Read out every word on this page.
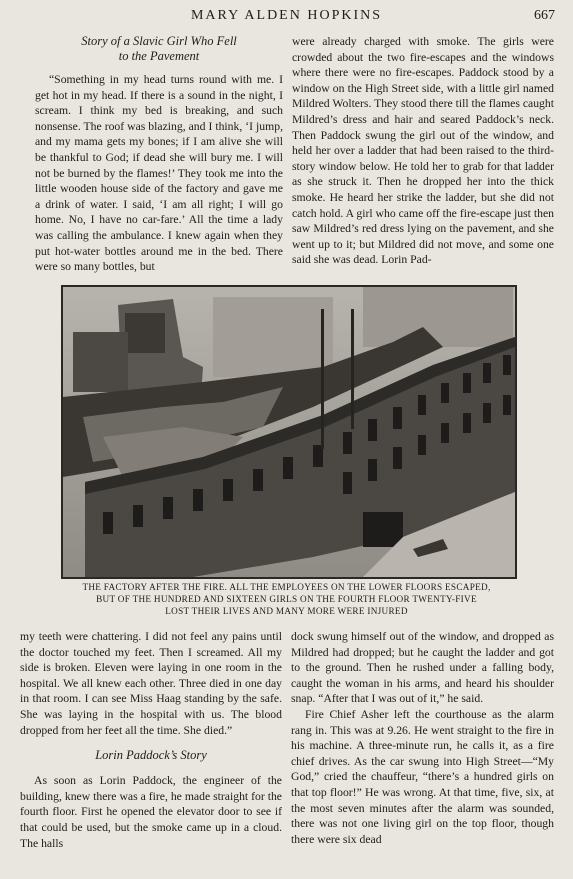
MARY ALDEN HOPKINS	667
Story of a Slavic Girl Who Fell
to the Pavement

“Something in my head turns round with me. I get hot in my head. If there is a sound in the night, I scream. I think my bed is breaking, and such nonsense. The roof was blazing, and I think, ‘I jump, and my mama gets my bones; if I am alive she will be thankful to God; if dead she will bury me. I will not be burned by the flames!’ They took me into the little wooden house side of the factory and gave me a drink of water. I said, ‘I am all right; I will go home. No, I have no car-fare.’ All the time a lady was calling the ambulance. I knew again when they put hot-water bottles around me in the bed. There were so many bottles, but

were already charged with smoke. The girls were crowded about the two fire-escapes and the windows where there were no fire-escapes. Paddock stood by a window on the High Street side, with a little girl named Mildred Wolters. They stood there till the flames caught Mildred’s dress and hair and seared Paddock’s neck. Then Paddock swung the girl out of the window, and held her over a ladder that had been raised to the third-story window below. He told her to grab for that ladder as she struck it. Then he dropped her into the thick smoke. He heard her strike the ladder, but she did not catch hold. A girl who came off the fire-escape just then saw Mildred’s red dress lying on the pavement, and she went up to it; but Mildred did not move, and some one said she was dead. Lorin Pad-

THE FACTORY AFTER THE FIRE. ALL THE EMPLOYEES ON THE LOWER FLOORS ESCAPED,
BUT OF THE HUNDRED AND SIXTEEN GIRLS ON THE FOURTH FLOOR TWENTY-FIVE
LOST THEIR LIVES AND MANY MORE WERE INJURED

my teeth were chattering. I did not feel any pains until the doctor touched my feet. Then I screamed. All my side is broken. Eleven were laying in one room in the hospital. We all knew each other. Three died in one day in that room. I can see Miss Haag standing by the safe. She was laying in the hospital with us. The blood dropped from her feet all the time. She died.”

Lorin Paddock’s Story

As soon as Lorin Paddock, the engineer of the building, knew there was a fire, he made straight for the fourth floor. First he opened the elevator door to see if that could be used, but the smoke came up in a cloud. The halls

dock swung himself out of the window, and dropped as Mildred had dropped; but he caught the ladder and got to the ground. Then he rushed under a falling body, caught the woman in his arms, and heard his shoulder snap. “After that I was out of it,” he said.

Fire Chief Asher left the courthouse as the alarm rang in. This was at 9.26. He went straight to the fire in his machine. A three-minute run, he calls it, as a fire chief drives. As the car swung into High Street—“My God,” cried the chauffeur, “there’s a hundred girls on that top floor!” He was wrong. At that time, five, six, at the most seven minutes after the alarm was sounded, there was not one living girl on the top floor, though there were six dead
